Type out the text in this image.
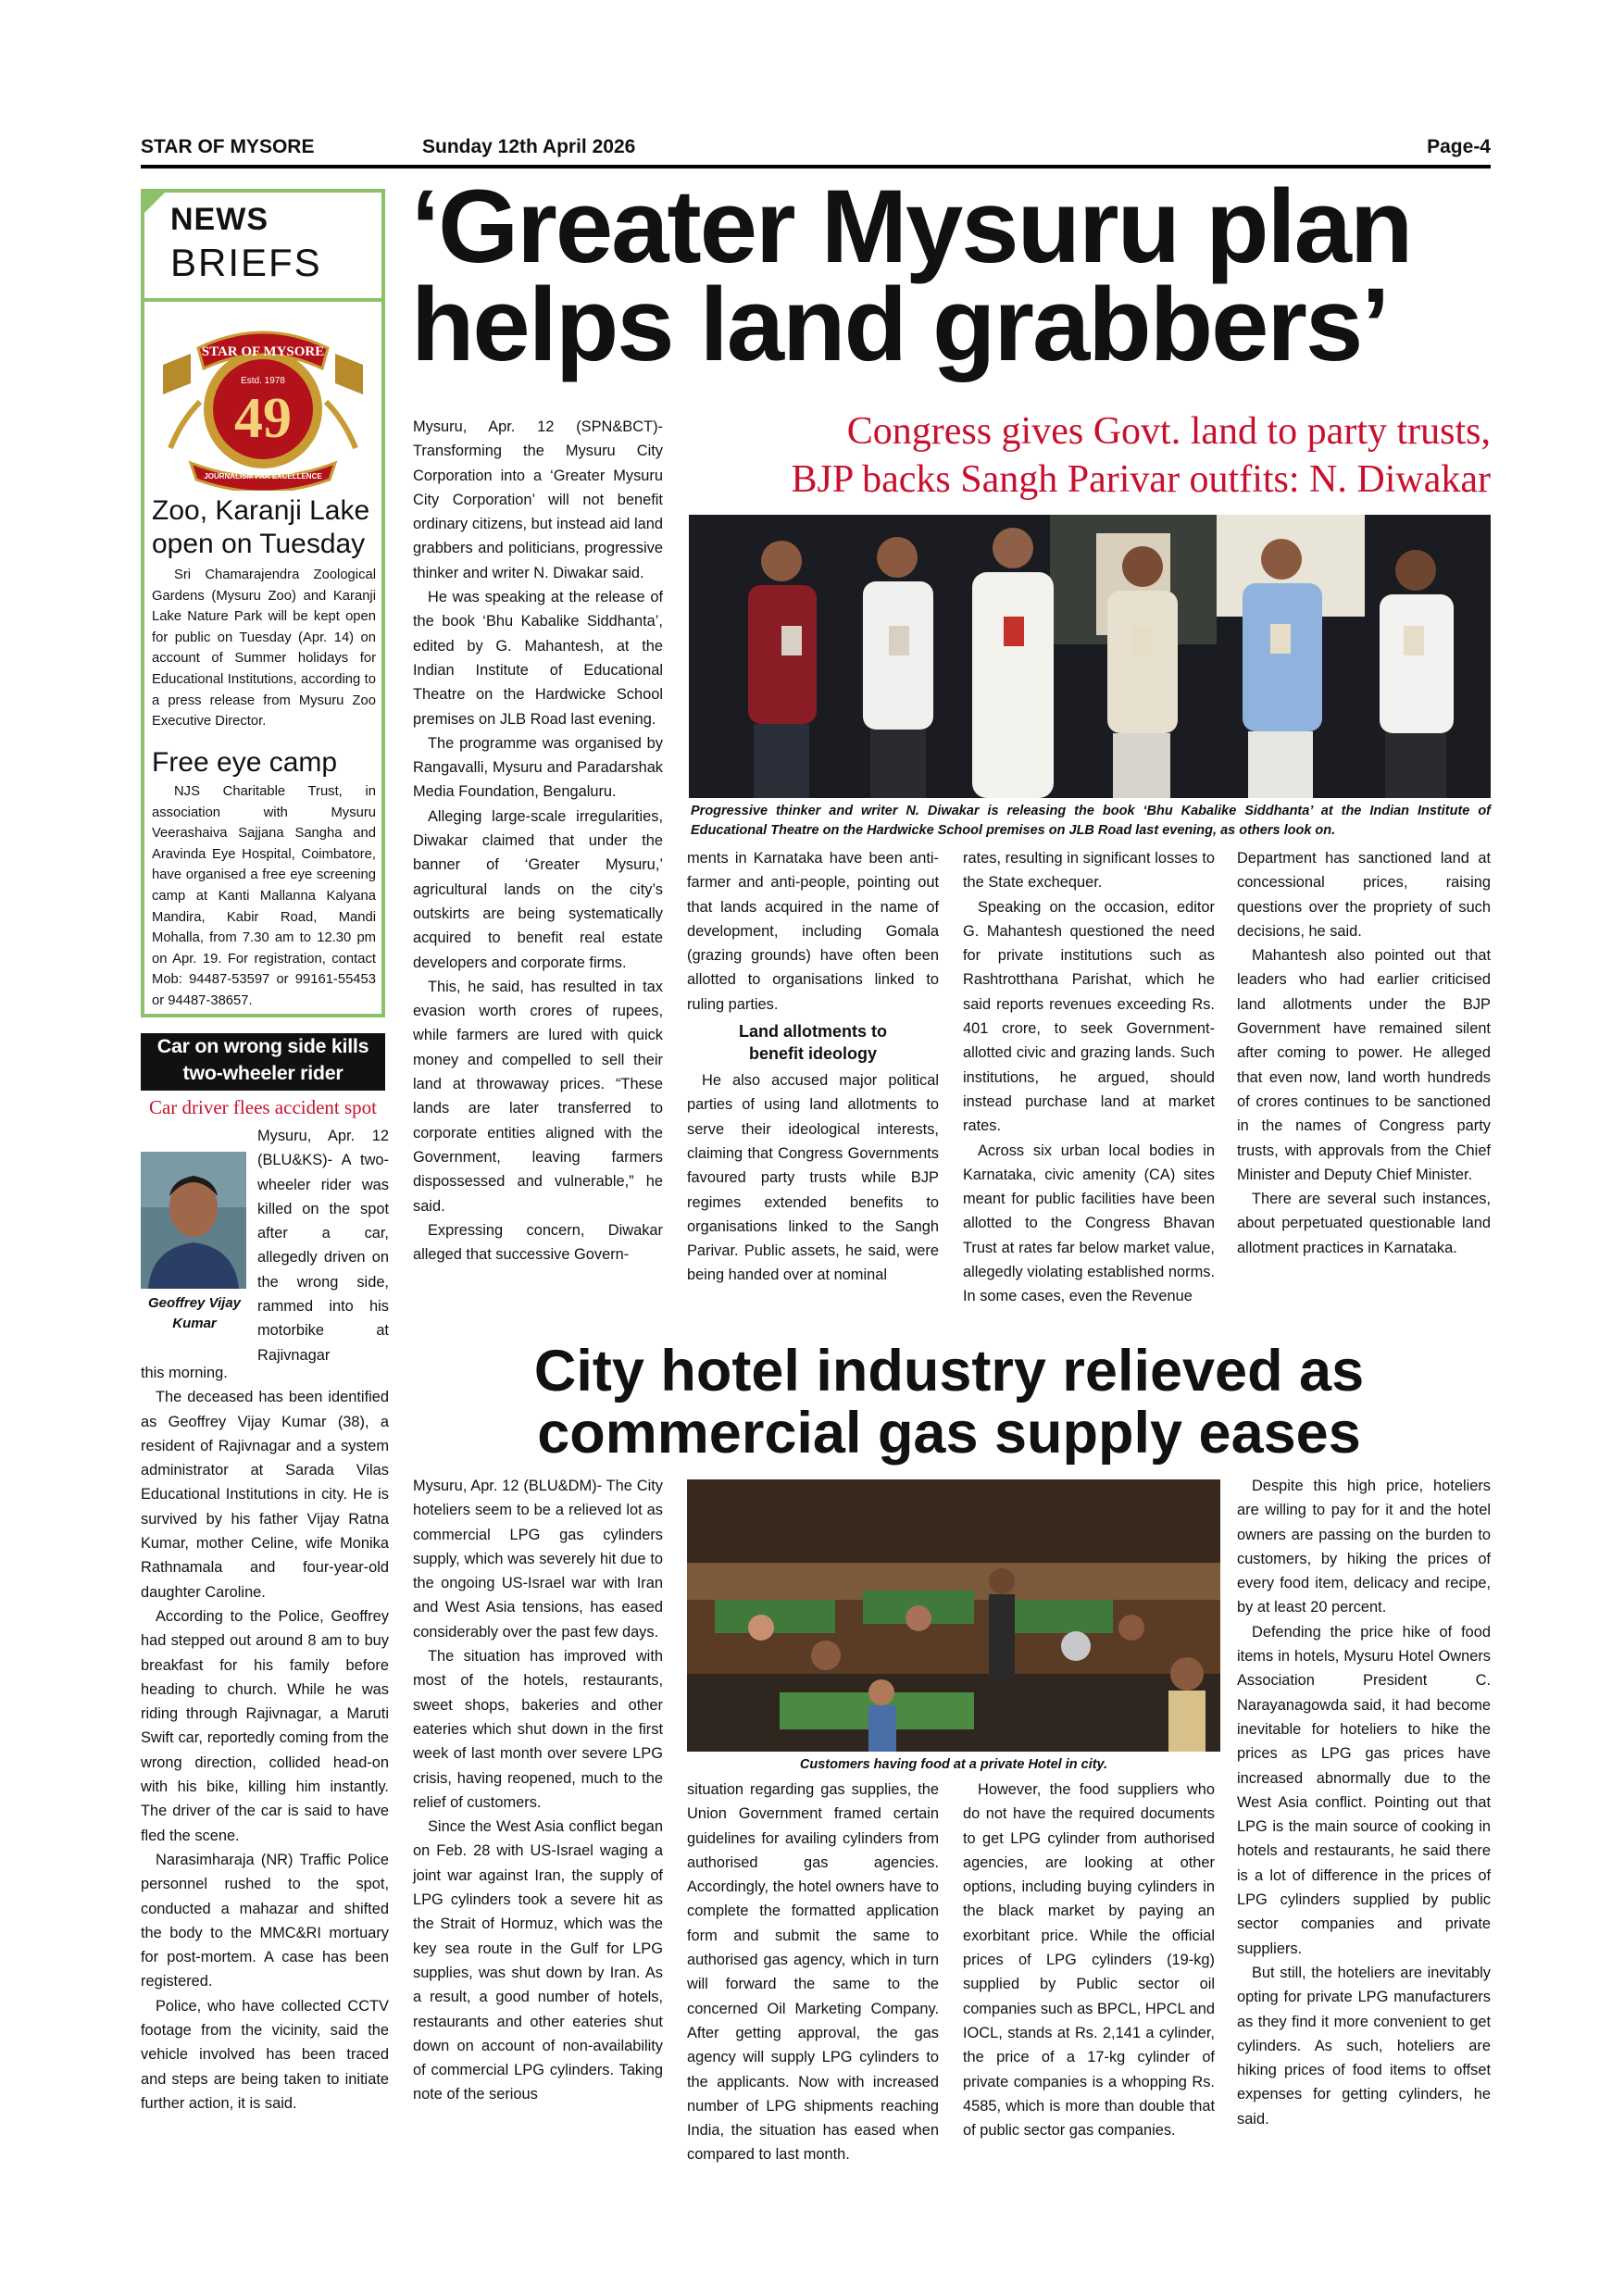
STAR OF MYSORE	Sunday 12th April 2026	Page-4
NEWS
BRIEFS
STAR OF MYSORE
Estd. 1978
49
JOURNALISM PAR EXCELLENCE
Zoo, Karanji Lake open on Tuesday
Sri Chamarajendra Zoological Gardens (Mysuru Zoo) and Karanji Lake Nature Park will be kept open for public on Tuesday (Apr. 14) on account of Summer holidays for Educational Institutions, according to a press release from Mysuru Zoo Executive Director.
Free eye camp
NJS Charitable Trust, in association with Mysuru Veerashaiva Sajjana Sangha and Aravinda Eye Hospital, Coimbatore, have organised a free eye screening camp at Kanti Mallanna Kalyana Mandira, Kabir Road, Mandi Mohalla, from 7.30 am to 12.30 pm on Apr. 19. For registration, contact Mob: 94487-53597 or 99161-55453 or 94487-38657.
Car on wrong side kills
two-wheeler rider
Car driver flees accident spot
Geoffrey Vijay Kumar
Mysuru, Apr. 12 (BLU&KS)- A two-wheeler rider was killed on the spot after a car, allegedly driven on the wrong side, rammed into his motorbike at Rajivnagar

this morning.

The deceased has been identified as Geoffrey Vijay Kumar (38), a resident of Rajivnagar and a system administrator at Sarada Vilas Educational Institutions in city. He is survived by his father Vijay Ratna Kumar, mother Celine, wife Monika Rathnamala and four-year-old daughter Caroline.

According to the Police, Geoffrey had stepped out around 8 am to buy breakfast for his family before heading to church. While he was riding through Rajivnagar, a Maruti Swift car, reportedly coming from the wrong direction, collided head-on with his bike, killing him instantly. The driver of the car is said to have fled the scene.

Narasimharaja (NR) Traffic Police personnel rushed to the spot, conducted a mahazar and shifted the body to the MMC&RI mortuary for post-mortem. A case has been registered.

Police, who have collected CCTV footage from the vicinity, said the vehicle involved has been traced and steps are being taken to initiate further action, it is said.

‘Greater Mysuru plan
helps land grabbers’
Congress gives Govt. land to party trusts,
BJP backs Sangh Parivar outfits: N. Diwakar

Mysuru, Apr. 12 (SPN&BCT)- Transforming the Mysuru City Corporation into a ‘Greater Mysuru City Corporation’ will not benefit ordinary citizens, but instead aid land grabbers and politicians, progressive thinker and writer N. Diwakar said.

He was speaking at the release of the book ‘Bhu Kabalike Siddhanta’, edited by G. Mahantesh, at the Indian Institute of Educational Theatre on the Hardwicke School premises on JLB Road last evening.

The programme was organised by Rangavalli, Mysuru and Paradarshak Media Foundation, Bengaluru.

Alleging large-scale irregularities, Diwakar claimed that under the banner of ‘Greater Mysuru,’ agricultural lands on the city’s outskirts are being systematically acquired to benefit real estate developers and corporate firms.

This, he said, has resulted in tax evasion worth crores of rupees, while farmers are lured with quick money and compelled to sell their land at throwaway prices. “These lands are later transferred to corporate entities aligned with the Government, leaving farmers dispossessed and vulnerable,” he said.

Expressing concern, Diwakar alleged that successive Govern-

Progressive thinker and writer N. Diwakar is releasing the book ‘Bhu Kabalike Siddhanta’ at the Indian Institute of Educational Theatre on the Hardwicke School premises on JLB Road last evening, as others look on.

ments in Karnataka have been anti-farmer and anti-people, pointing out that lands acquired in the name of development, including Gomala (grazing grounds) have often been allotted to organisations linked to ruling parties.

Land allotments to
benefit ideology

He also accused major political parties of using land allotments to serve their ideological interests, claiming that Congress Governments favoured party trusts while BJP regimes extended benefits to organisations linked to the Sangh Parivar. Public assets, he said, were being handed over at nominal

rates, resulting in significant losses to the State exchequer.

Speaking on the occasion, editor G. Mahantesh questioned the need for private institutions such as Rashtrotthana Parishat, which he said reports revenues exceeding Rs. 401 crore, to seek Government-allotted civic and grazing lands. Such institutions, he argued, should instead purchase land at market rates.

Across six urban local bodies in Karnataka, civic amenity (CA) sites meant for public facilities have been allotted to the Congress Bhavan Trust at rates far below market value, allegedly violating established norms. In some cases, even the Revenue

Department has sanctioned land at concessional prices, raising questions over the propriety of such decisions, he said.

Mahantesh also pointed out that leaders who had earlier criticised land allotments under the BJP Government have remained silent after coming to power. He alleged that even now, land worth hundreds of crores continues to be sanctioned in the names of Congress party trusts, with approvals from the Chief Minister and Deputy Chief Minister.

There are several such instances, about perpetuated questionable land allotment practices in Karnataka.

City hotel industry relieved as
commercial gas supply eases

Mysuru, Apr. 12 (BLU&DM)- The City hoteliers seem to be a relieved lot as commercial LPG gas cylinders supply, which was severely hit due to the ongoing US-Israel war with Iran and West Asia tensions, has eased considerably over the past few days.

The situation has improved with most of the hotels, restaurants, sweet shops, bakeries and other eateries which shut down in the first week of last month over severe LPG crisis, having reopened, much to the relief of customers.

Since the West Asia conflict began on Feb. 28 with US-Israel waging a joint war against Iran, the supply of LPG cylinders took a severe hit as the Strait of Hormuz, which was the key sea route in the Gulf for LPG supplies, was shut down by Iran. As a result, a good number of hotels, restaurants and other eateries shut down on account of non-availability of commercial LPG cylinders. Taking note of the serious

Customers having food at a private Hotel in city.

situation regarding gas supplies, the Union Government framed certain guidelines for availing cylinders from authorised gas agencies. Accordingly, the hotel owners have to complete the formatted application form and submit the same to authorised gas agency, which in turn will forward the same to the concerned Oil Marketing Company. After getting approval, the gas agency will supply LPG cylinders to the applicants. Now with increased number of LPG shipments reaching India, the situation has eased when compared to last month.

However, the food suppliers who do not have the required documents to get LPG cylinder from authorised agencies, are looking at other options, including buying cylinders in the black market by paying an exorbitant price. While the official prices of LPG cylinders (19-kg) supplied by Public sector oil companies such as BPCL, HPCL and IOCL, stands at Rs. 2,141 a cylinder, the price of a 17-kg cylinder of private companies is a whopping Rs. 4585, which is more than double that of public sector gas companies.

Despite this high price, hoteliers are willing to pay for it and the hotel owners are passing on the burden to customers, by hiking the prices of every food item, delicacy and recipe, by at least 20 percent.

Defending the price hike of food items in hotels, Mysuru Hotel Owners Association President C. Narayanagowda said, it had become inevitable for hoteliers to hike the prices as LPG gas prices have increased abnormally due to the West Asia conflict. Pointing out that LPG is the main source of cooking in hotels and restaurants, he said there is a lot of difference in the prices of LPG cylinders supplied by public sector companies and private suppliers.

But still, the hoteliers are inevitably opting for private LPG manufacturers as they find it more convenient to get cylinders. As such, hoteliers are hiking prices of food items to offset expenses for getting cylinders, he said.
